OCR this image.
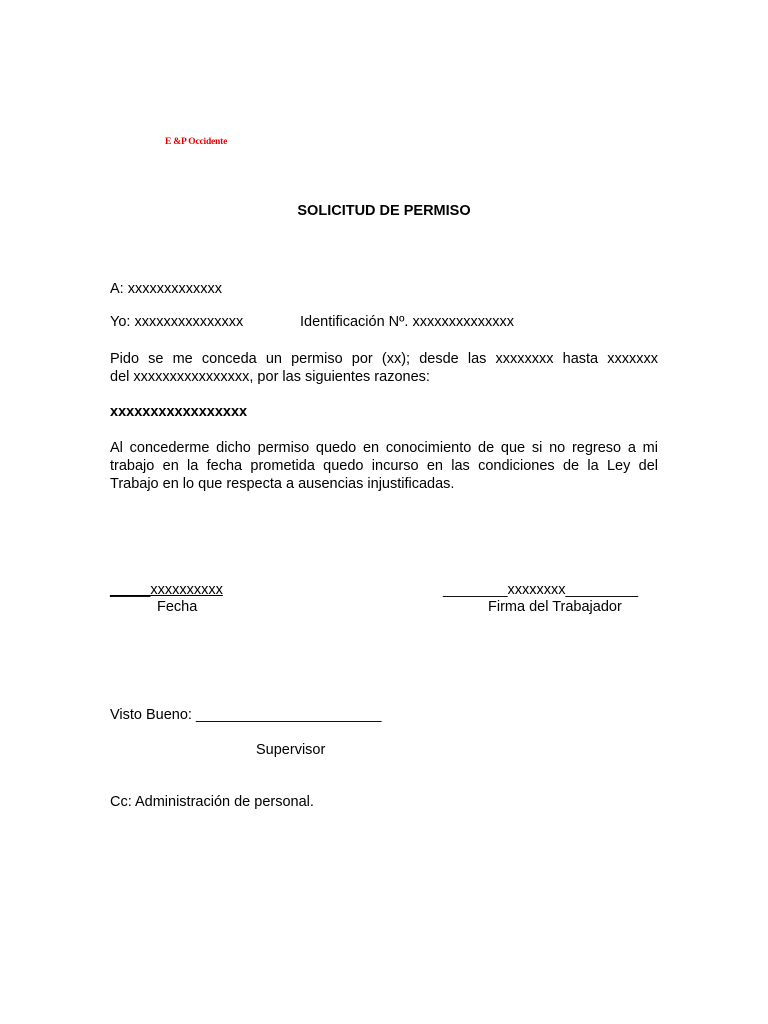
E &P Occidente
SOLICITUD DE PERMISO
A: xxxxxxxxxxxxx
Yo: xxxxxxxxxxxxxxx	Identificación Nº. xxxxxxxxxxxxxx
Pido se me conceda un permiso por (xx); desde las xxxxxxxx hasta xxxxxxx
del xxxxxxxxxxxxxxxx, por las siguientes razones:
xxxxxxxxxxxxxxxxx
Al concederme dicho permiso quedo en conocimiento de que si no regreso a mi
trabajo en la fecha prometida quedo incurso en las condiciones de la Ley del
Trabajo en lo que respecta a ausencias injustificadas.
_____xxxxxxxxxx
Fecha
________xxxxxxxx_________
Firma del Trabajador
Visto Bueno: _______________________
Supervisor
Cc: Administración de personal.
